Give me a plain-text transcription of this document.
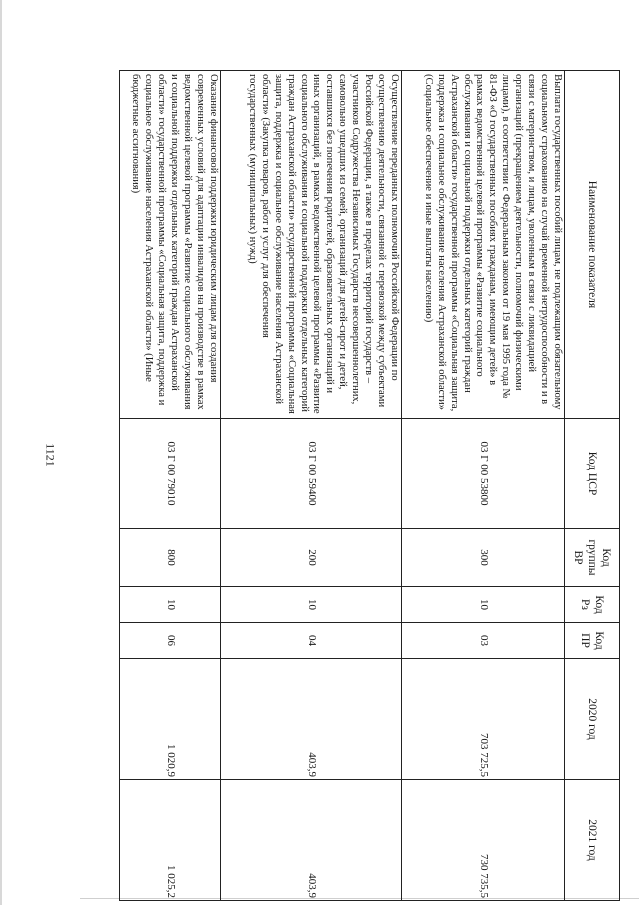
1121
Наименование показателя	Код ЦСР	Код группы ВР	Код Рз	Код ПР	2020 год	2021 год
Выплата государственных пособий лицам, не подлежащим обязательному социальному страхованию на случай временной нетрудоспособности и в связи с материнством, и лицам, уволенным в связи с ликвидацией организаций (прекращением деятельности, полномочий физическими лицами), в соответствии с Федеральным законом от 19 мая 1995 года № 81-ФЗ «О государственных пособиях гражданам, имеющим детей» в рамках ведомственной целевой программы «Развитие социального обслуживания и социальной поддержки отдельных категорий граждан Астраханской области» государственной программы «Социальная защита, поддержка и социальное обслуживание населения Астраханской области» (Социальное обеспечение и иные выплаты населению)	03 Г 00 53800	300	10	03	703 725,5	730 735,5
Осуществление переданных полномочий Российской Федерации по осуществлению деятельности, связанной с перевозкой между субъектами Российской Федерации, а также в пределах территорий государств – участников Содружества Независимых Государств несовершеннолетних, самовольно ушедших из семей, организаций для детей-сирот и детей, оставшихся без попечения родителей, образовательных организаций и иных организаций, в рамках ведомственной целевой программы «Развитие социального обслуживания и социальной поддержки отдельных категорий граждан Астраханской области» государственной программы «Социальная защита, поддержка и социальное обслуживание населения Астраханской области» (Закупка товаров, работ и услуг для обеспечения государственных (муниципальных) нужд)	03 Г 00 59400	200	10	04	403,9	403,9
Оказание финансовой поддержки юридическим лицам для создания современных условий для адаптации инвалидов на производстве в рамках ведомственной целевой программы «Развитие социального обслуживания и социальной поддержки отдельных категорий граждан Астраханской области» государственной программы «Социальная защита, поддержка и социальное обслуживание населения Астраханской области» (Иные бюджетные ассигнования)	03 Г 00 79010	800	10	06	1 020,9	1 025,2
